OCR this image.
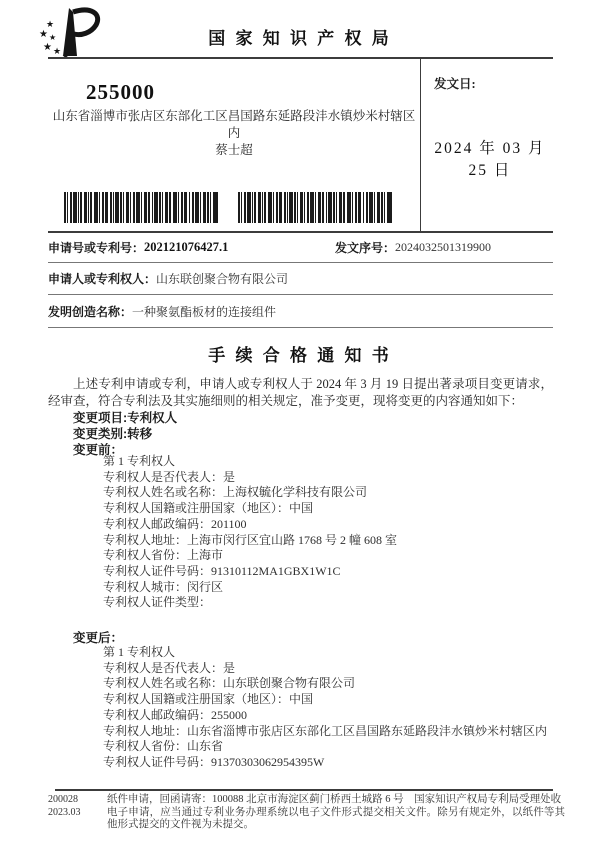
★
★ ★
★ ★
国 家 知 识 产 权 局
255000
山东省淄博市张店区东部化工区昌国路东延路段沣水镇炒米村辖区
内
蔡士超
发文日:
2024 年 03 月 25 日
申请号或专利号： 202121076427.1	发文序号： 2024032501319900
申请人或专利权人： 山东联创聚合物有限公司
发明创造名称： 一种聚氨酯板材的连接组件
手 续 合 格 通 知 书
上述专利申请或专利，申请人或专利权人于 2024 年 3 月 19 日提出著录项目变更请求，经审查，符合专利法及其实施细则的相关规定，准予变更，现将变更的内容通知如下：
变更项目:专利权人
变更类别:转移
变更前：
第 1 专利权人
专利权人是否代表人：是
专利权人姓名或名称：上海权毓化学科技有限公司
专利权人国籍或注册国家（地区）：中国
专利权人邮政编码：201100
专利权人地址：上海市闵行区宜山路 1768 号 2 幢 608 室
专利权人省份：上海市
专利权人证件号码：91310112MA1GBX1W1C
专利权人城市：闵行区
专利权人证件类型：
变更后：
第 1 专利权人
专利权人是否代表人：是
专利权人姓名或名称：山东联创聚合物有限公司
专利权人国籍或注册国家（地区）：中国
专利权人邮政编码：255000
专利权人地址：山东省淄博市张店区东部化工区昌国路东延路段沣水镇炒米村辖区内
专利权人省份：山东省
专利权人证件号码：91370303062954395W
200028
2023.03
纸件申请，回函请寄：100088 北京市海淀区蓟门桥西土城路 6 号　国家知识产权局专利局受理处收
电子申请，应当通过专利业务办理系统以电子文件形式提交相关文件。除另有规定外，以纸件等其他形式提交的文件视为未提交。
